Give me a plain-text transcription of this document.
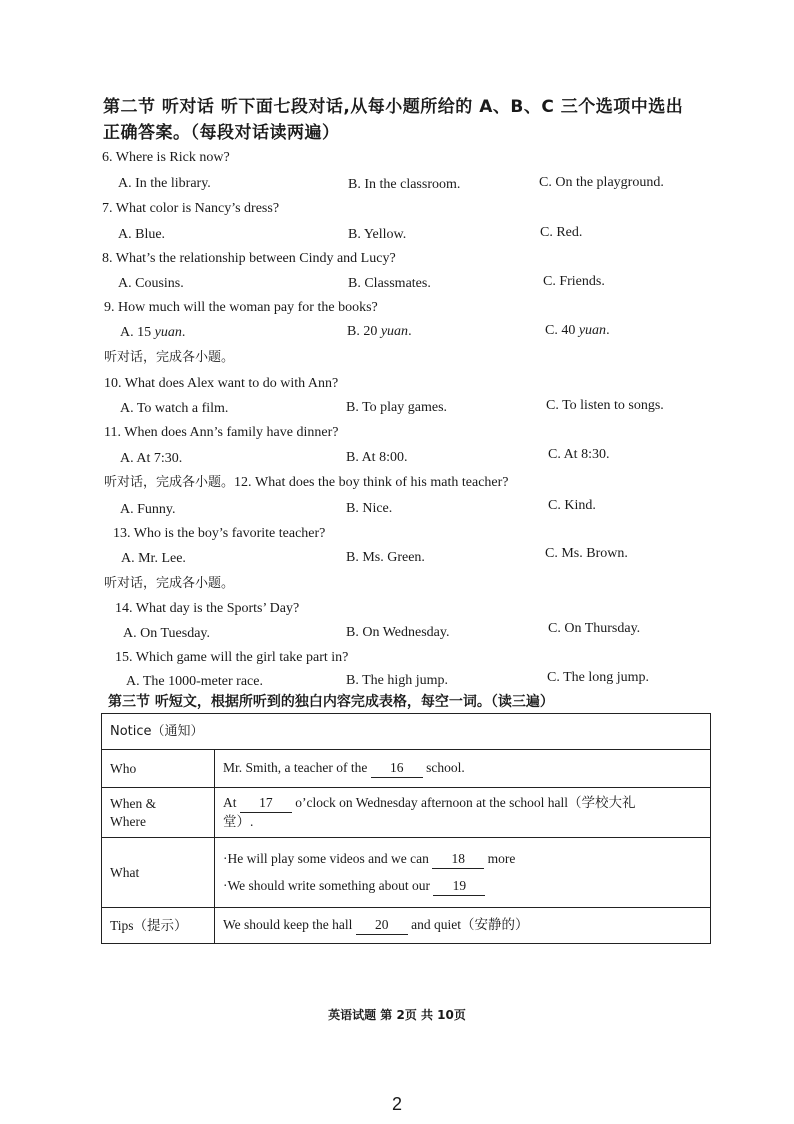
第二节 听对话 听下面七段对话,从每小题所给的 A、B、C 三个选项中选出
正确答案。（每段对话读两遍）
6. Where is Rick now?
A. In the library.	B. In the classroom.	C. On the playground.
7. What color is Nancy’s dress?
A. Blue.	B. Yellow.	C. Red.
8. What’s the relationship between Cindy and Lucy?
A. Cousins.	B. Classmates.	C. Friends.
9. How much will the woman pay for the books?
A. 15 yuan.	B. 20 yuan.	C. 40 yuan.
听对话，完成各小题。
10. What does Alex want to do with Ann?
A. To watch a film.	B. To play games.	C. To listen to songs.
11. When does Ann’s family have dinner?
A. At 7:30.	B. At 8:00.	C. At 8:30.
听对话，完成各小题。12. What does the boy think of his math teacher?
A. Funny.	B. Nice.	C. Kind.
13. Who is the boy’s favorite teacher?
A. Mr. Lee.	B. Ms. Green.	C. Ms. Brown.
听对话，完成各小题。
14. What day is the Sports’ Day?
A. On Tuesday.	B. On Wednesday.	C. On Thursday.
15. Which game will the girl take part in?
A. The 1000-meter race.	B. The high jump.	C. The long jump.
第三节 听短文，根据所听到的独白内容完成表格，每空一词。（读三遍）
Notice（通知）	
Who	Mr. Smith, a teacher of the 16 school.
When &
Where	At 17 o’clock on Wednesday afternoon at the school hall（学校大礼
堂）.
What	·He will play some videos and we can 18 more
·We should write something about our 19

Tips（提示）	We should keep the hall 20 and quiet（安静的）
英语试题 第 2页 共 10页
2
